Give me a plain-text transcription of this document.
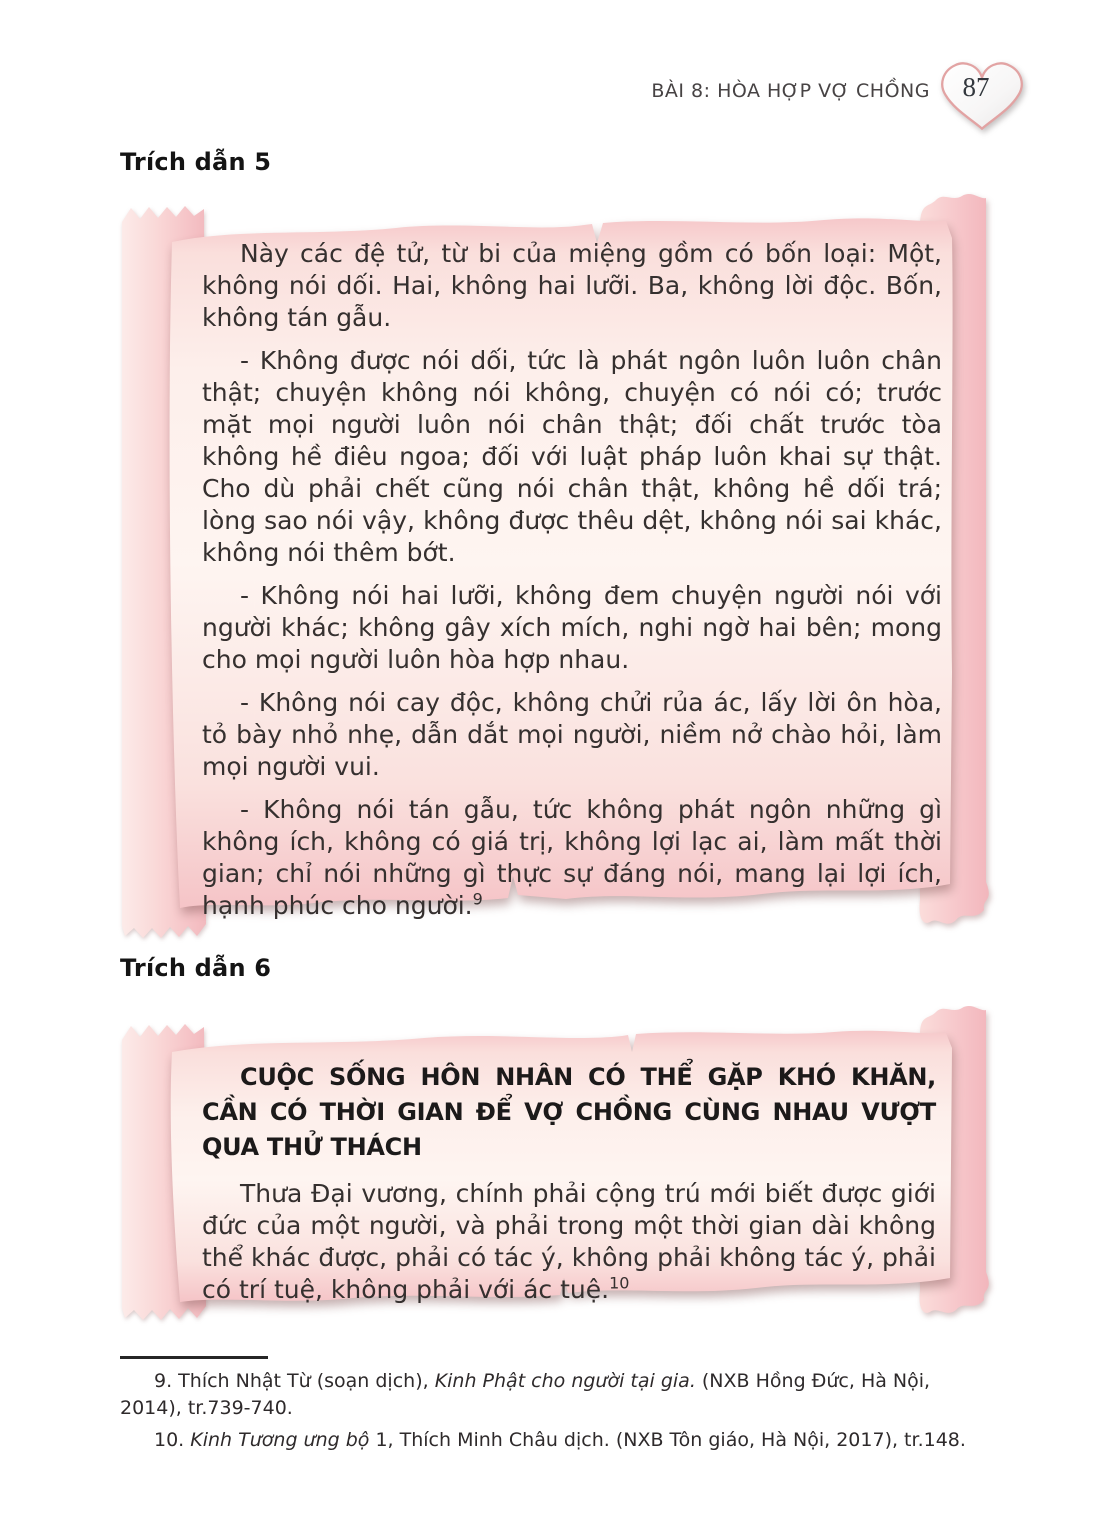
BÀI 8: HÒA HỢP VỢ CHỒNG	87
Trích dẫn 5

Này các đệ tử, từ bi của miệng gồm có bốn loại: Một, không nói dối. Hai, không hai lưỡi. Ba, không lời độc. Bốn, không tán gẫu.

- Không được nói dối, tức là phát ngôn luôn luôn chân thật; chuyện không nói không, chuyện có nói có; trước mặt mọi người luôn nói chân thật; đối chất trước tòa không hề điêu ngoa; đối với luật pháp luôn khai sự thật. Cho dù phải chết cũng nói chân thật, không hề dối trá; lòng sao nói vậy, không được thêu dệt, không nói sai khác, không nói thêm bớt.

- Không nói hai lưỡi, không đem chuyện người nói với người khác; không gây xích mích, nghi ngờ hai bên; mong cho mọi người luôn hòa hợp nhau.

- Không nói cay độc, không chửi rủa ác, lấy lời ôn hòa, tỏ bày nhỏ nhẹ, dẫn dắt mọi người, niềm nở chào hỏi, làm mọi người vui.

- Không nói tán gẫu, tức không phát ngôn những gì không ích, không có giá trị, không lợi lạc ai, làm mất thời gian; chỉ nói những gì thực sự đáng nói, mang lại lợi ích, hạnh phúc cho người.$^9$

Trích dẫn 6

CUỘC SỐNG HÔN NHÂN CÓ THỂ GẶP KHÓ KHĂN, CẦN CÓ THỜI GIAN ĐỂ VỢ CHỒNG CÙNG NHAU VƯỢT QUA THỬ THÁCH

Thưa Đại vương, chính phải cộng trú mới biết được giới đức của một người, và phải trong một thời gian dài không thể khác được, phải có tác ý, không phải không tác ý, phải có trí tuệ, không phải với ác tuệ.$^{10}$

9. Thích Nhật Từ (soạn dịch), Kinh Phật cho người tại gia. (NXB Hồng Đức, Hà Nội, 2014), tr.739-740.

10. Kinh Tương ưng bộ 1, Thích Minh Châu dịch. (NXB Tôn giáo, Hà Nội, 2017), tr.148.
